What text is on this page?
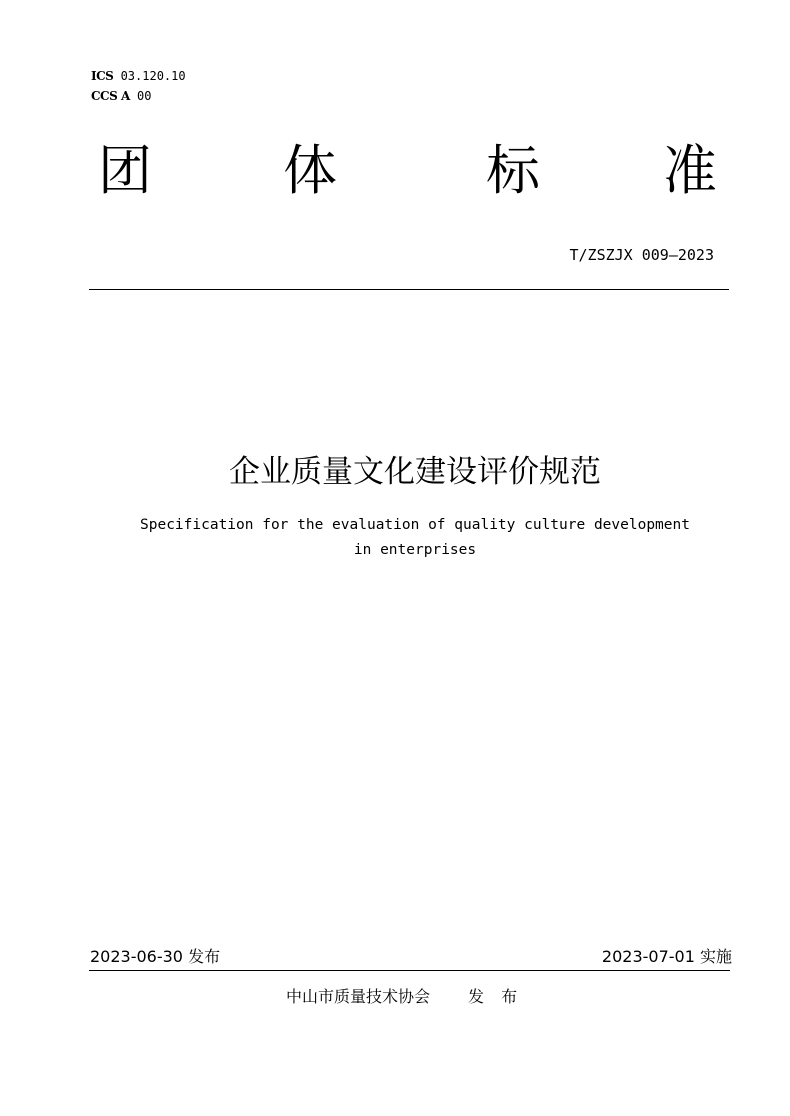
ICS 03.120.10
CCS A 00
团 体	标 准
T/ZSZJX 009—2023
企业质量文化建设评价规范
Specification for the evaluation of quality culture development
in enterprises
2023-06-30 发布	2023-07-01 实施
中山市质量技术协会 发 布
